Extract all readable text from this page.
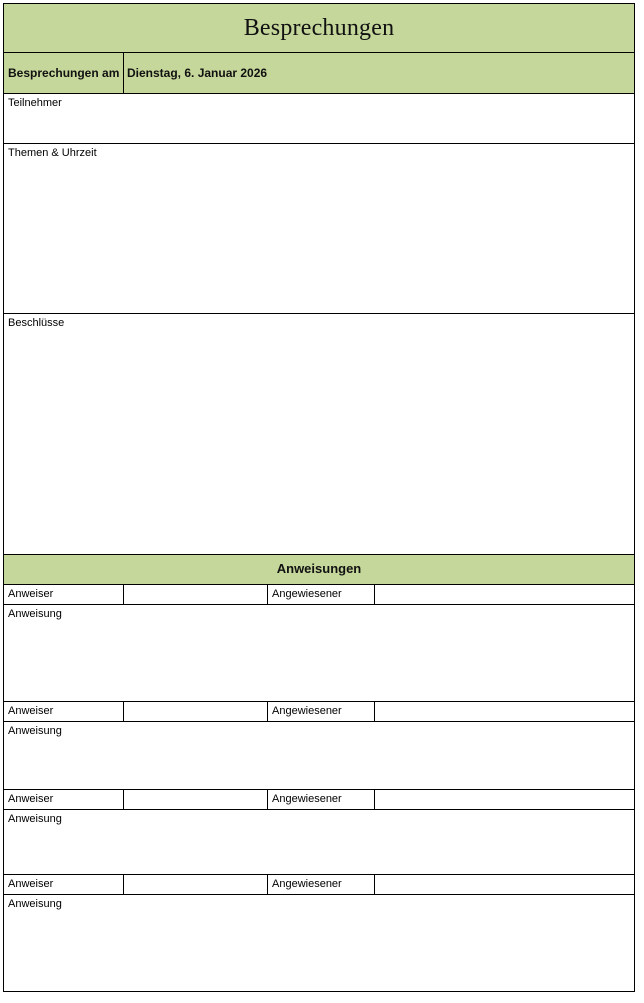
Besprechungen			

Besprechungen am	Dienstag, 6. Januar 2026		

Teilnehmer			

Themen & Uhrzeit			

Beschlüsse			

Anweisungen			

Anweiser		Angewiesener	

Anweisung			

Anweiser		Angewiesener	

Anweisung			

Anweiser		Angewiesener	

Anweisung			

Anweiser		Angewiesener	

Anweisung			
